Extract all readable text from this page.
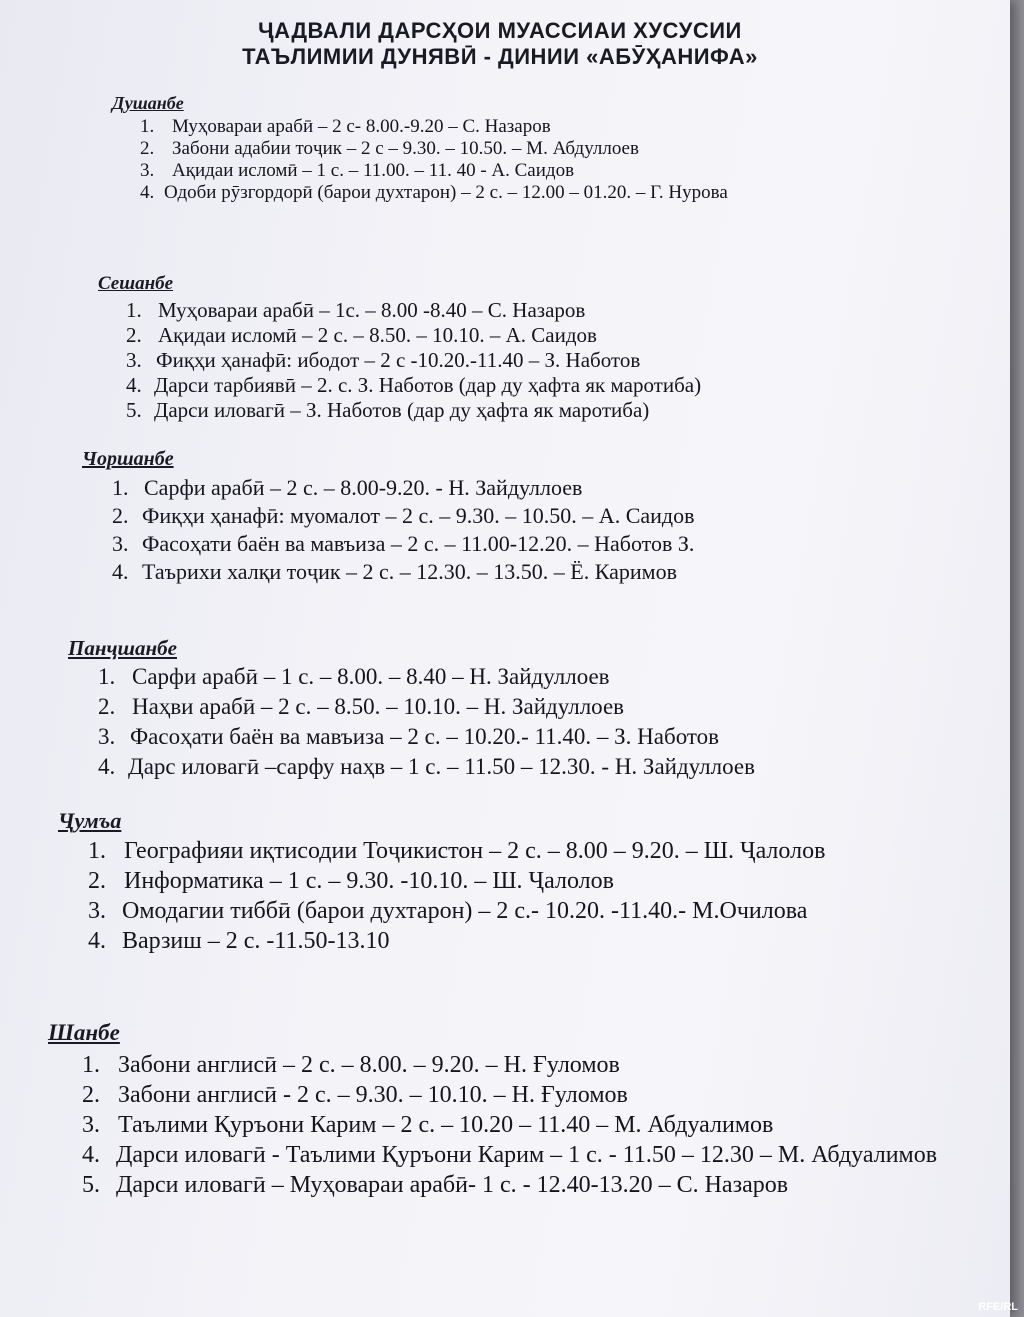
ҶАДВАЛИ ДАРСҲОИ МУАССИАИ ХУСУСИИ
ТАЪЛИМИИ ДУНЯВӢ - ДИНИИ «АБӮҲАНИФА»
Душанбе
1. Муҳовараи арабӣ – 2 с- 8.00.-9.20 – С. Назаров
2. Забони адабии тоҷик – 2 с – 9.30. – 10.50. – М. Абдуллоев
3. Ақидаи исломӣ – 1 с. – 11.00. – 11. 40 - А. Саидов
4. Одоби рӯзгордорӣ (барои духтарон) – 2 с. – 12.00 – 01.20. – Г. Нурова
Сешанбе
1. Муҳовараи арабӣ – 1с. – 8.00 -8.40 – С. Назаров
2. Ақидаи исломӣ – 2 с. – 8.50. – 10.10. – А. Саидов
3. Фиқҳи ҳанафӣ: ибодот – 2 с -10.20.-11.40 – З. Наботов
4. Дарси тарбиявӣ – 2. с. З. Наботов (дар ду ҳафта як маротиба)
5. Дарси иловагӣ – З. Наботов (дар ду ҳафта як маротиба)
Чоршанбе
1. Сарфи арабӣ – 2 с. – 8.00-9.20. - Н. Зайдуллоев
2. Фиқҳи ҳанафӣ: муомалот – 2 с. – 9.30. – 10.50. – А. Саидов
3. Фасоҳати баён ва мавъиза – 2 с. – 11.00-12.20. – Наботов З.
4. Таърихи халқи тоҷик – 2 с. – 12.30. – 13.50. – Ё. Каримов
Панҷшанбе
1. Сарфи арабӣ – 1 с. – 8.00. – 8.40 – Н. Зайдуллоев
2. Наҳви арабӣ – 2 с. – 8.50. – 10.10. – Н. Зайдуллоев
3. Фасоҳати баён ва мавъиза – 2 с. – 10.20.- 11.40. – З. Наботов
4. Дарс иловагӣ –сарфу наҳв – 1 с. – 11.50 – 12.30. - Н. Зайдуллоев
Ҷумъа
1. Географияи иқтисодии Тоҷикистон – 2 с. – 8.00 – 9.20. – Ш. Ҷалолов
2. Информатика – 1 с. – 9.30. -10.10. – Ш. Ҷалолов
3. Омодагии тиббӣ (барои духтарон) – 2 с.- 10.20. -11.40.- М.Очилова
4. Варзиш – 2 с. -11.50-13.10
Шанбе
1. Забони англисӣ – 2 с. – 8.00. – 9.20. – Н. Ғуломов
2. Забони англисӣ - 2 с. – 9.30. – 10.10. – Н. Ғуломов
3. Таълими Қуръони Карим – 2 с. – 10.20 – 11.40 – М. Абдуалимов
4. Дарси иловагӣ - Таълими Қуръони Карим – 1 с. - 11.50 – 12.30 – М. Абдуалимов
5. Дарси иловагӣ – Муҳовараи арабӣ- 1 с. - 12.40-13.20 – С. Назаров
RFE/RL
